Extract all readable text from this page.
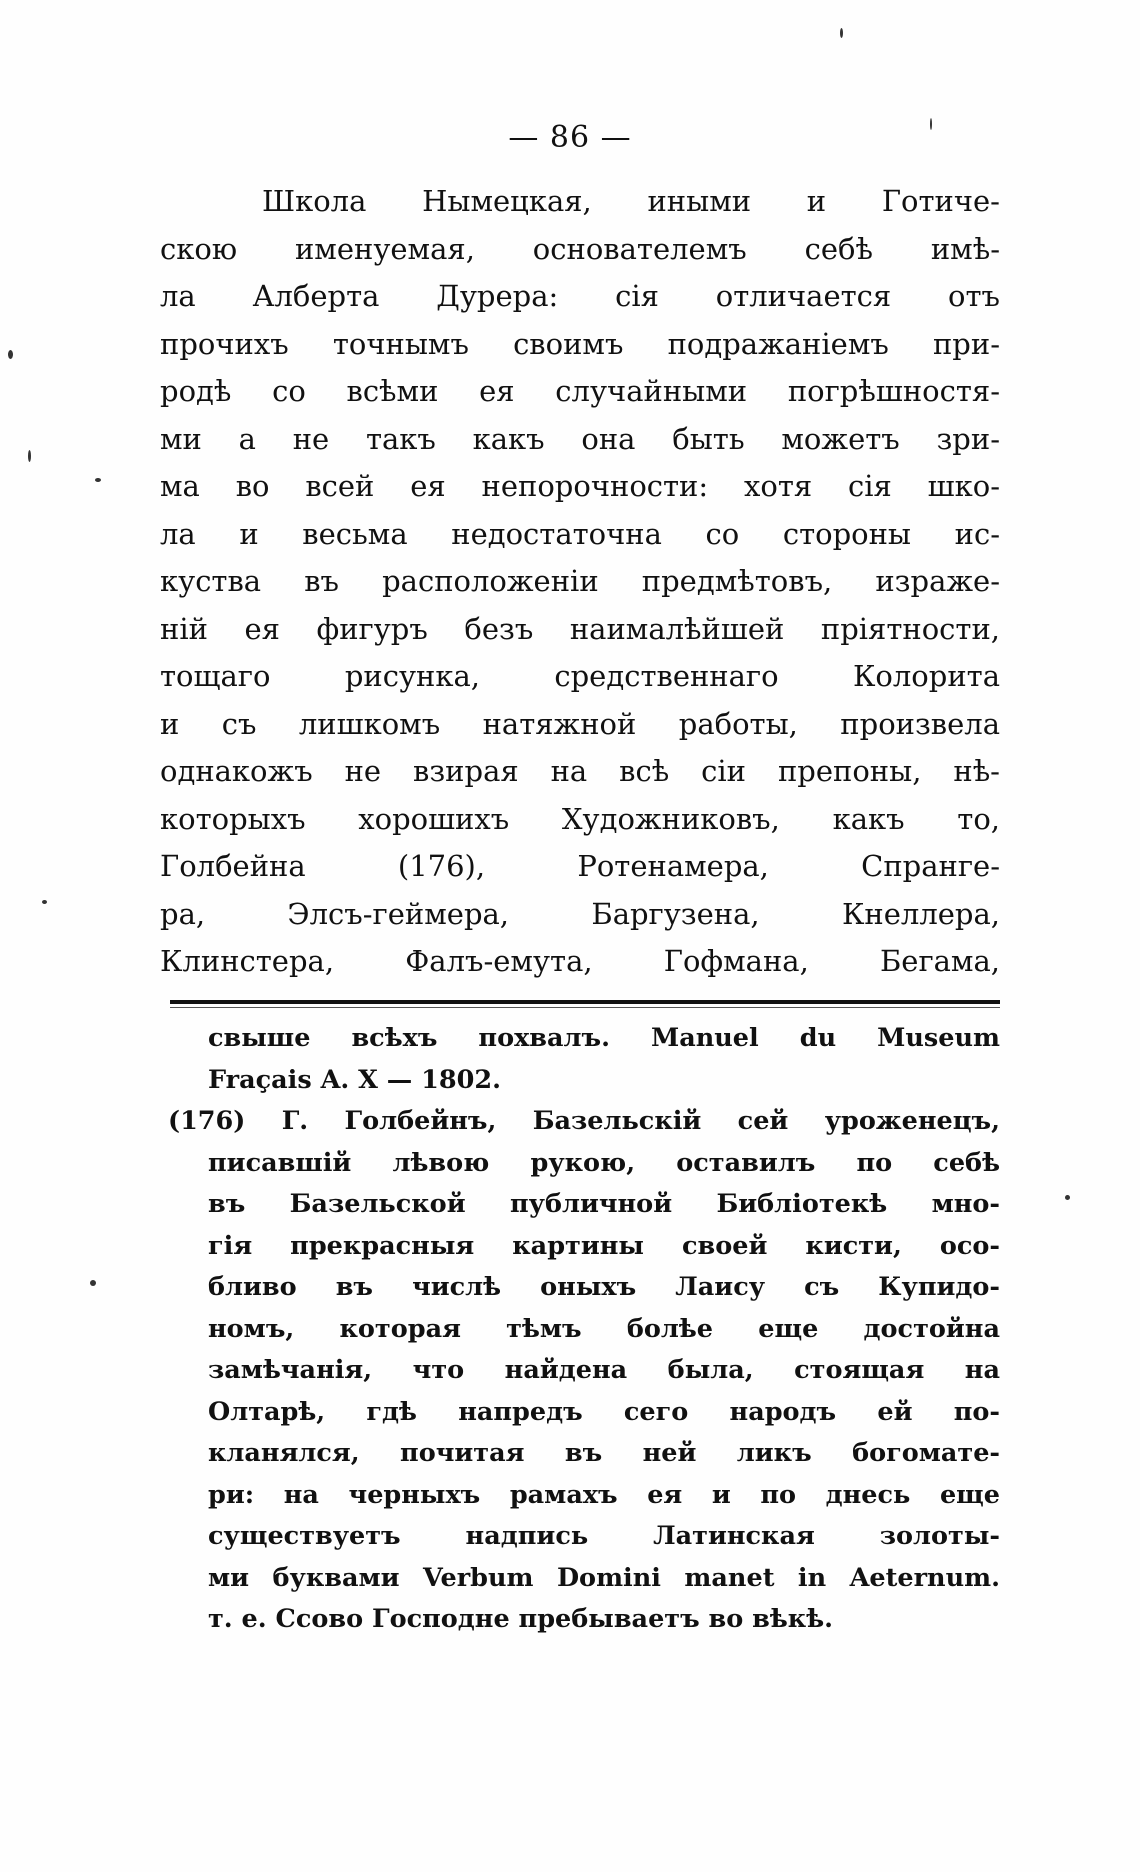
— 86 —
Школа Нымецкая, иными и Готиче-
скою именуемая, основателемъ себѣ имѣ-
ла Алберта Дурера: сія отличается отъ
прочихъ точнымъ своимъ подражаніемъ при-
родѣ со всѣми ея случайными погрѣшностя-
ми а не такъ какъ она быть можетъ зри-
ма во всей ея непорочности: хотя сія шко-
ла и весьма недостаточна со стороны ис-
куства въ расположеніи предмѣтовъ, израже-
ній ея фигуръ безъ наималѣйшей пріятности,
тощаго рисунка, средственнаго Колорита
и съ лишкомъ натяжной работы, произвела
однакожъ не взирая на всѣ сіи препоны, нѣ-
которыхъ хорошихъ Художниковъ, какъ то,
Голбейна (176), Ротенамера, Спранге-
ра, Элсъ-геймера, Баргузена, Кнеллера,
Клинстера, Фалъ-емута, Гофмана, Бегама,
свыше всѣхъ похвалъ. Manuel du Museum
Fraçais A. X — 1802.
(176) Г. Голбейнъ, Базельскій сей уроженецъ,
писавшій лѣвою рукою, оставилъ по себѣ
въ Базельской публичной Библіотекѣ мно-
гія прекрасныя картины своей кисти, осо-
бливо въ числѣ оныхъ Лаису съ Купидо-
номъ, которая тѣмъ болѣе еще достойна
замѣчанія, что найдена была, стоящая на
Олтарѣ, гдѣ напредъ сего народъ ей по-
кланялся, почитая въ ней ликъ богомате-
ри: на черныхъ рамахъ ея и по днесь еще
существуетъ надпись Латинская золоты-
ми буквами Verbum Domini manet in Aeternum.
т. е. Ссово Господне пребываетъ во вѣкѣ.
